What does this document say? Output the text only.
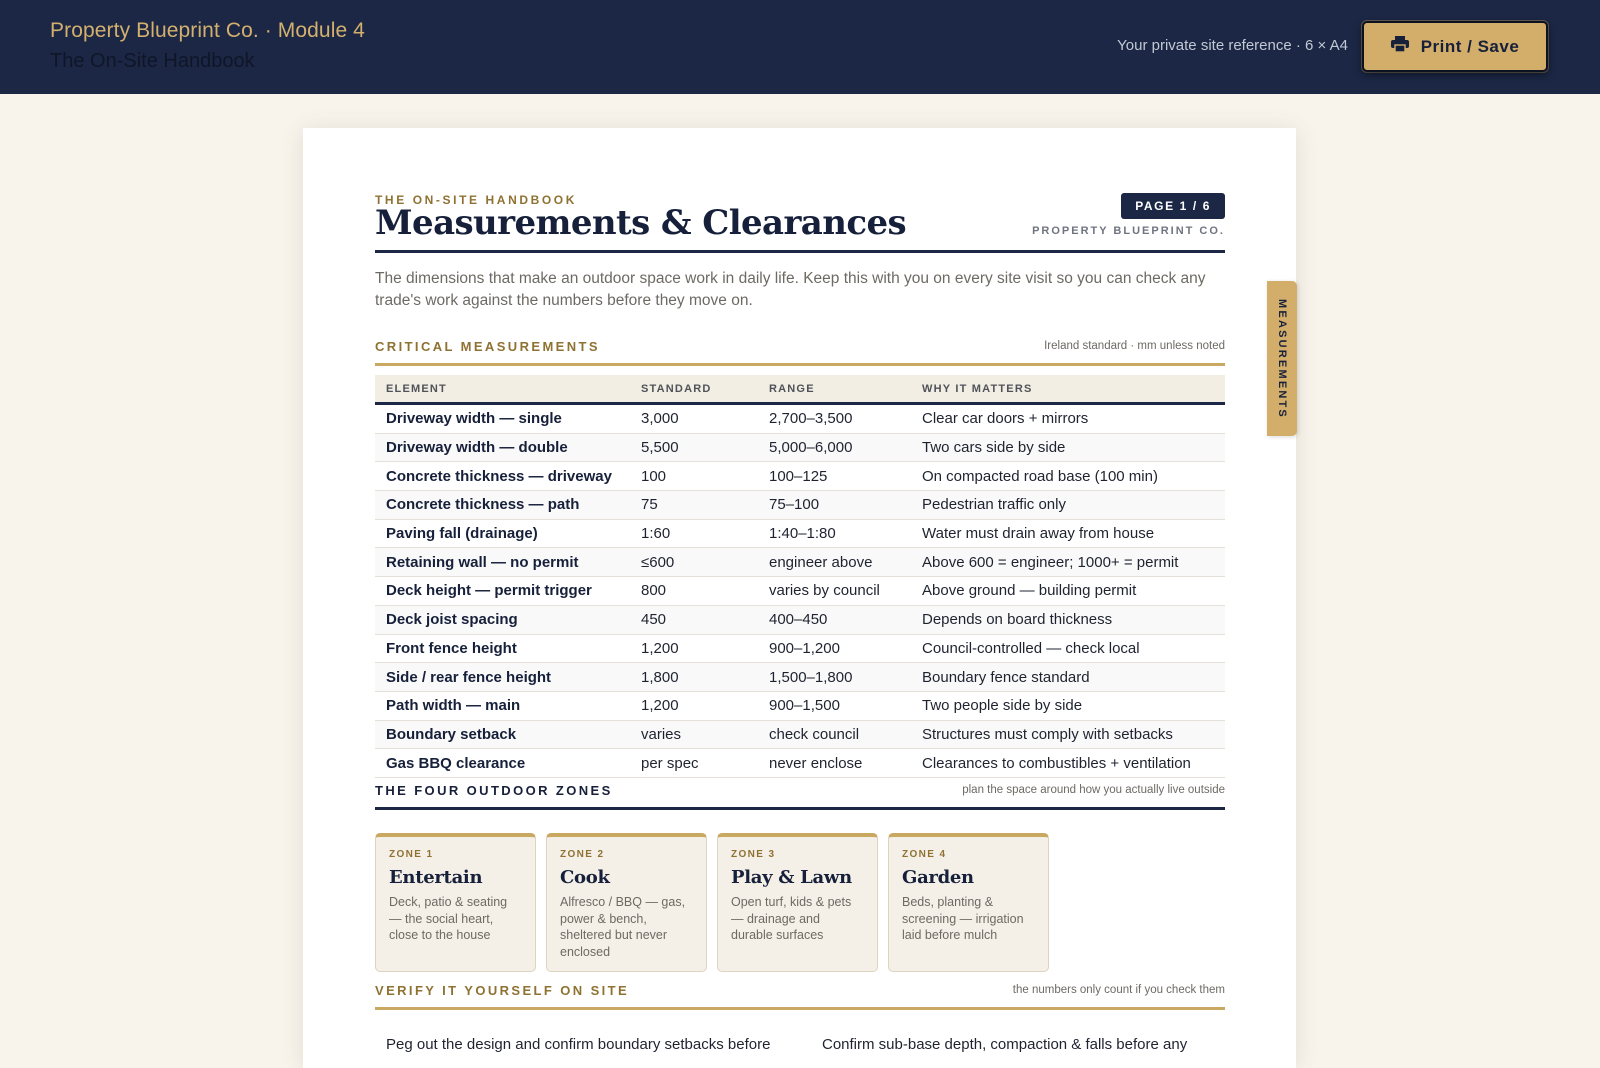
Property Blueprint Co. · Module 4
The On-Site Handbook
Your private site reference · 6 × A4	Print / Save
THE ON-SITE HANDBOOK
Measurements & Clearances	PAGE 1 / 6
PROPERTY BLUEPRINT CO.

The dimensions that make an outdoor space work in daily life. Keep this with you on every site visit so you can check any trade's work against the numbers before they move on.

CRITICAL MEASUREMENTS	Ireland standard · mm unless noted
ELEMENT	STANDARD	RANGE	WHY IT MATTERS
Driveway width — single	3,000	2,700–3,500	Clear car doors + mirrors
Driveway width — double	5,500	5,000–6,000	Two cars side by side
Concrete thickness — driveway	100	100–125	On compacted road base (100 min)
Concrete thickness — path	75	75–100	Pedestrian traffic only
Paving fall (drainage)	1:60	1:40–1:80	Water must drain away from house
Retaining wall — no permit	≤600	engineer above	Above 600 = engineer; 1000+ = permit
Deck height — permit trigger	800	varies by council	Above ground — building permit
Deck joist spacing	450	400–450	Depends on board thickness
Front fence height	1,200	900–1,200	Council-controlled — check local
Side / rear fence height	1,800	1,500–1,800	Boundary fence standard
Path width — main	1,200	900–1,500	Two people side by side
Boundary setback	varies	check council	Structures must comply with setbacks
Gas BBQ clearance	per spec	never enclose	Clearances to combustibles + ventilation
THE FOUR OUTDOOR ZONES	plan the space around how you actually live outside
ZONE 1
Entertain
Deck, patio & seating — the social heart, close to the house
ZONE 2
Cook
Alfresco / BBQ — gas, power & bench, sheltered but never enclosed
ZONE 3
Play & Lawn
Open turf, kids & pets — drainage and durable surfaces
ZONE 4
Garden
Beds, planting & screening — irrigation laid before mulch
VERIFY IT YOURSELF ON SITE	the numbers only count if you check them
Peg out the design and confirm boundary setbacks before	Confirm sub-base depth, compaction & falls before any
MEASUREMENTS
